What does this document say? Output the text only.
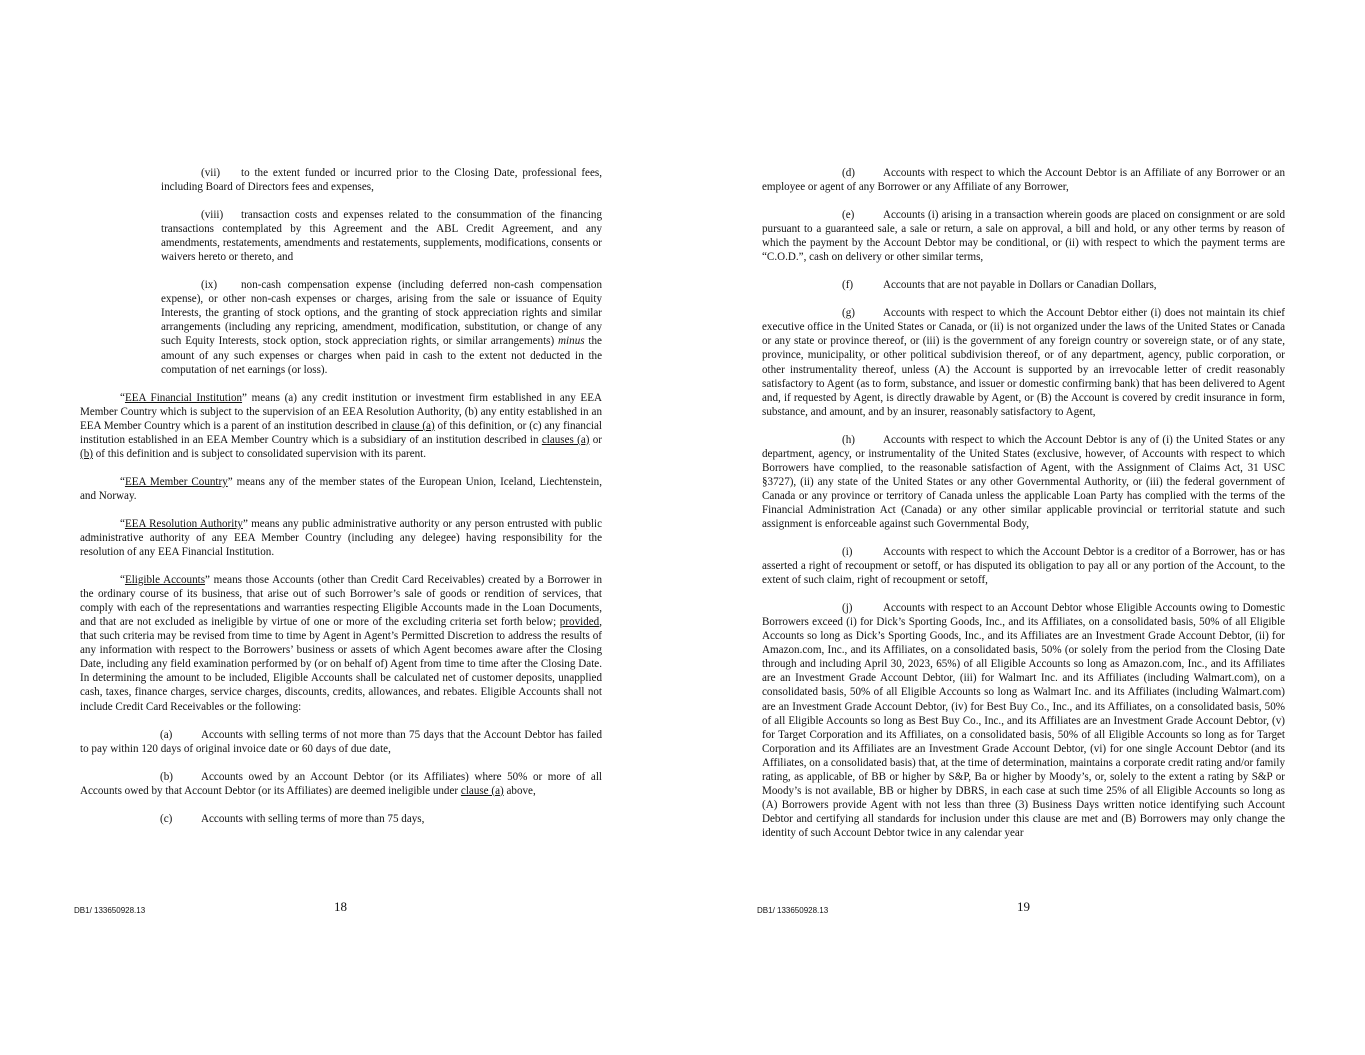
(vii) to the extent funded or incurred prior to the Closing Date, professional fees, including Board of Directors fees and expenses,

(viii) transaction costs and expenses related to the consummation of the financing transactions contemplated by this Agreement and the ABL Credit Agreement, and any amendments, restatements, amendments and restatements, supplements, modifications, consents or waivers hereto or thereto, and

(ix) non-cash compensation expense (including deferred non-cash compensation expense), or other non-cash expenses or charges, arising from the sale or issuance of Equity Interests, the granting of stock options, and the granting of stock appreciation rights and similar arrangements (including any repricing, amendment, modification, substitution, or change of any such Equity Interests, stock option, stock appreciation rights, or similar arrangements) minus the amount of any such expenses or charges when paid in cash to the extent not deducted in the computation of net earnings (or loss).

“EEA Financial Institution” means (a) any credit institution or investment firm established in any EEA Member Country which is subject to the supervision of an EEA Resolution Authority, (b) any entity established in an EEA Member Country which is a parent of an institution described in clause (a) of this definition, or (c) any financial institution established in an EEA Member Country which is a subsidiary of an institution described in clauses (a) or (b) of this definition and is subject to consolidated supervision with its parent.

“EEA Member Country” means any of the member states of the European Union, Iceland, Liechtenstein, and Norway.

“EEA Resolution Authority” means any public administrative authority or any person entrusted with public administrative authority of any EEA Member Country (including any delegee) having responsibility for the resolution of any EEA Financial Institution.

“Eligible Accounts” means those Accounts (other than Credit Card Receivables) created by a Borrower in the ordinary course of its business, that arise out of such Borrower’s sale of goods or rendition of services, that comply with each of the representations and warranties respecting Eligible Accounts made in the Loan Documents, and that are not excluded as ineligible by virtue of one or more of the excluding criteria set forth below; provided, that such criteria may be revised from time to time by Agent in Agent’s Permitted Discretion to address the results of any information with respect to the Borrowers’ business or assets of which Agent becomes aware after the Closing Date, including any field examination performed by (or on behalf of) Agent from time to time after the Closing Date. In determining the amount to be included, Eligible Accounts shall be calculated net of customer deposits, unapplied cash, taxes, finance charges, service charges, discounts, credits, allowances, and rebates. Eligible Accounts shall not include Credit Card Receivables or the following:

(a)	Accounts with selling terms of not more than 75 days that the Account Debtor has failed to pay within 120 days of original invoice date or 60 days of due date,

(b)	Accounts owed by an Account Debtor (or its Affiliates) where 50% or more of all Accounts owed by that Account Debtor (or its Affiliates) are deemed ineligible under clause (a) above,

(c)	Accounts with selling terms of more than 75 days,

DB1/ 133650928.13	18

(d)	Accounts with respect to which the Account Debtor is an Affiliate of any Borrower or an employee or agent of any Borrower or any Affiliate of any Borrower,

(e)	Accounts (i) arising in a transaction wherein goods are placed on consignment or are sold pursuant to a guaranteed sale, a sale or return, a sale on approval, a bill and hold, or any other terms by reason of which the payment by the Account Debtor may be conditional, or (ii) with respect to which the payment terms are “C.O.D.”, cash on delivery or other similar terms,

(f)	Accounts that are not payable in Dollars or Canadian Dollars,

(g)	Accounts with respect to which the Account Debtor either (i) does not maintain its chief executive office in the United States or Canada, or (ii) is not organized under the laws of the United States or Canada or any state or province thereof, or (iii) is the government of any foreign country or sovereign state, or of any state, province, municipality, or other political subdivision thereof, or of any department, agency, public corporation, or other instrumentality thereof, unless (A) the Account is supported by an irrevocable letter of credit reasonably satisfactory to Agent (as to form, substance, and issuer or domestic confirming bank) that has been delivered to Agent and, if requested by Agent, is directly drawable by Agent, or (B) the Account is covered by credit insurance in form, substance, and amount, and by an insurer, reasonably satisfactory to Agent,

(h)	Accounts with respect to which the Account Debtor is any of (i) the United States or any department, agency, or instrumentality of the United States (exclusive, however, of Accounts with respect to which Borrowers have complied, to the reasonable satisfaction of Agent, with the Assignment of Claims Act, 31 USC §3727), (ii) any state of the United States or any other Governmental Authority, or (iii) the federal government of Canada or any province or territory of Canada unless the applicable Loan Party has complied with the terms of the Financial Administration Act (Canada) or any other similar applicable provincial or territorial statute and such assignment is enforceable against such Governmental Body,

(i)	Accounts with respect to which the Account Debtor is a creditor of a Borrower, has or has asserted a right of recoupment or setoff, or has disputed its obligation to pay all or any portion of the Account, to the extent of such claim, right of recoupment or setoff,

(j)	Accounts with respect to an Account Debtor whose Eligible Accounts owing to Domestic Borrowers exceed (i) for Dick’s Sporting Goods, Inc., and its Affiliates, on a consolidated basis, 50% of all Eligible Accounts so long as Dick’s Sporting Goods, Inc., and its Affiliates are an Investment Grade Account Debtor, (ii) for Amazon.com, Inc., and its Affiliates, on a consolidated basis, 50% (or solely from the period from the Closing Date through and including April 30, 2023, 65%) of all Eligible Accounts so long as Amazon.com, Inc., and its Affiliates are an Investment Grade Account Debtor, (iii) for Walmart Inc. and its Affiliates (including Walmart.com), on a consolidated basis, 50% of all Eligible Accounts so long as Walmart Inc. and its Affiliates (including Walmart.com) are an Investment Grade Account Debtor, (iv) for Best Buy Co., Inc., and its Affiliates, on a consolidated basis, 50% of all Eligible Accounts so long as Best Buy Co., Inc., and its Affiliates are an Investment Grade Account Debtor, (v) for Target Corporation and its Affiliates, on a consolidated basis, 50% of all Eligible Accounts so long as for Target Corporation and its Affiliates are an Investment Grade Account Debtor, (vi) for one single Account Debtor (and its Affiliates, on a consolidated basis) that, at the time of determination, maintains a corporate credit rating and/or family rating, as applicable, of BB or higher by S&P, Ba or higher by Moody’s, or, solely to the extent a rating by S&P or Moody’s is not available, BB or higher by DBRS, in each case at such time 25% of all Eligible Accounts so long as (A) Borrowers provide Agent with not less than three (3) Business Days written notice identifying such Account Debtor and certifying all standards for inclusion under this clause are met and (B) Borrowers may only change the identity of such Account Debtor twice in any calendar year

DB1/ 133650928.13	19
